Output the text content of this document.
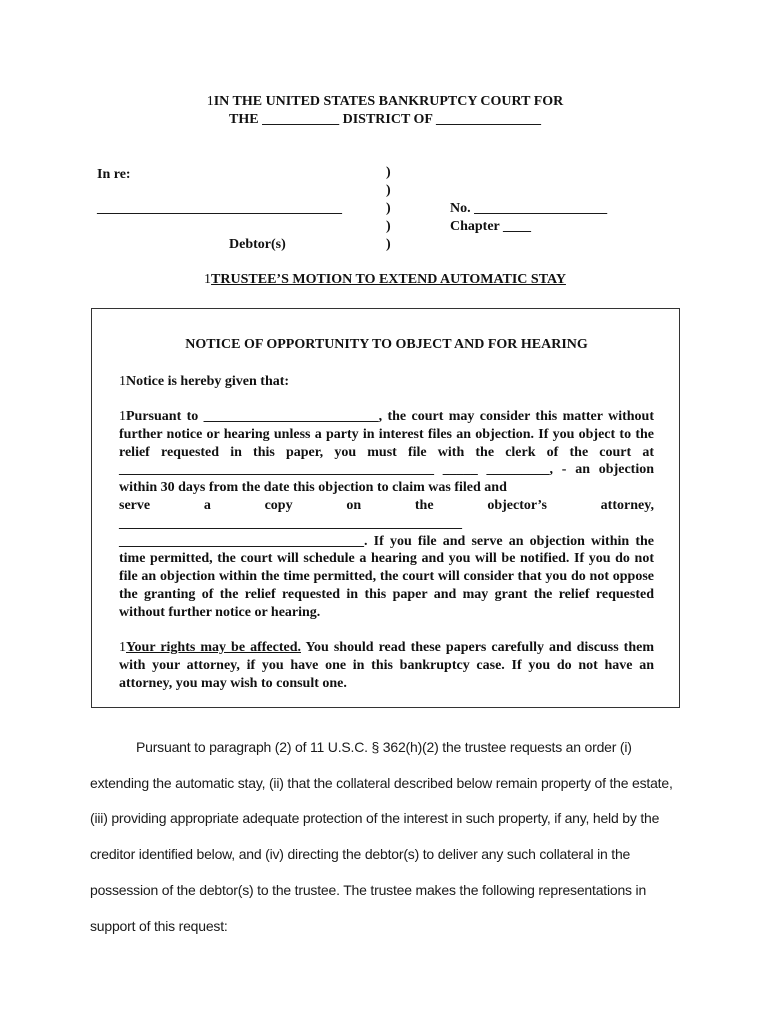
1IN THE UNITED STATES BANKRUPTCY COURT FOR
THE ___________ DISTRICT OF _______________
In re:
___________________________________
Debtor(s)
)
)
)
)
)
No. ___________________
Chapter ____
1TRUSTEE’S MOTION TO EXTEND AUTOMATIC STAY
NOTICE OF OPPORTUNITY TO OBJECT AND FOR HEARING
1Notice is hereby given that:

1Pursuant to _________________________, the court may consider this matter without further notice or hearing unless a party in interest files an objection. If you object to the relief requested in this paper, you must file with the clerk of the court at _____________________________________________ _____ _________, - an objection within 30 days from the date this objection to claim was filed and

serve	a	copy	on	the	objector’s	attorney,

_________________________________________________

___________________________________. If you file and serve an objection within the time permitted, the court will schedule a hearing and you will be notified. If you do not file an objection within the time permitted, the court will consider that you do not oppose the granting of the relief requested in this paper and may grant the relief requested without further notice or hearing.

1Your rights may be affected. You should read these papers carefully and discuss them with your attorney, if you have one in this bankruptcy case. If you do not have an attorney, you may wish to consult one.
Pursuant to paragraph (2) of 11 U.S.C. § 362(h)(2) the trustee requests an order (i) extending the automatic stay, (ii) that the collateral described below remain property of the estate, (iii) providing appropriate adequate protection of the interest in such property, if any, held by the creditor identified below, and (iv) directing the debtor(s) to deliver any such collateral in the possession of the debtor(s) to the trustee. The trustee makes the following representations in support of this request:
